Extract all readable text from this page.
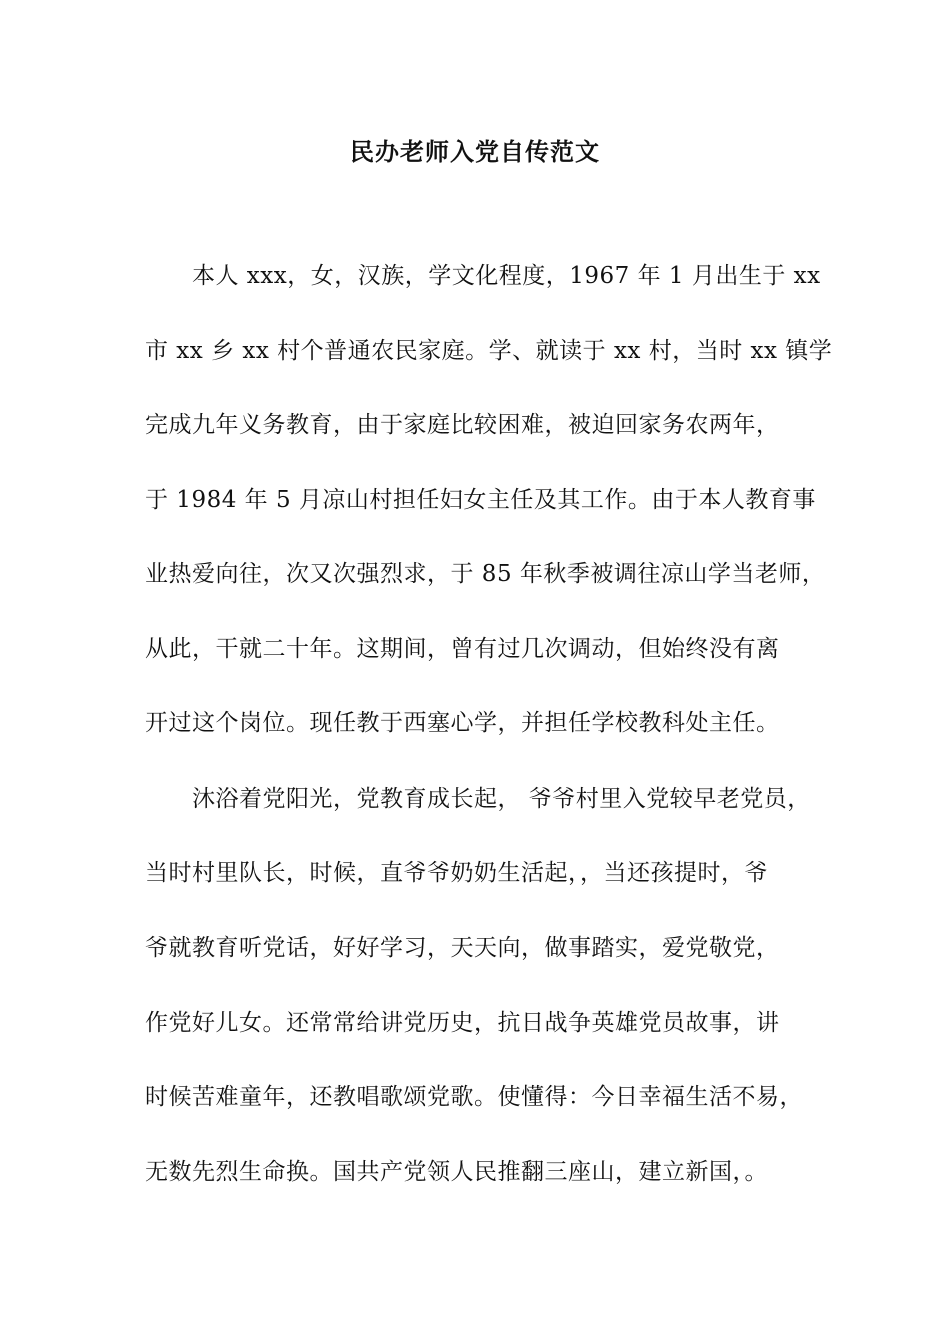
民办老师入党自传范文
本人 xxx，女，汉族，学文化程度，1967 年 1 月出生于 xx
市 xx 乡 xx 村个普通农民家庭。学、就读于 xx 村，当时 xx 镇学
完成九年义务教育，由于家庭比较困难，被迫回家务农两年，
于 1984 年 5 月凉山村担任妇女主任及其工作。由于本人教育事
业热爱向往，次又次强烈求，于 85 年秋季被调往凉山学当老师，
从此，干就二十年。这期间，曾有过几次调动，但始终没有离
开过这个岗位。现任教于西塞心学，并担任学校教科处主任。
沐浴着党阳光，党教育成长起， 爷爷村里入党较早老党员，
当时村里队长，时候，直爷爷奶奶生活起，，当还孩提时，爷
爷就教育听党话，好好学习，天天向，做事踏实，爱党敬党，
作党好儿女。还常常给讲党历史，抗日战争英雄党员故事，讲
时候苦难童年，还教唱歌颂党歌。使懂得：今日幸福生活不易，
无数先烈生命换。国共产党领人民推翻三座山，建立新国，。
